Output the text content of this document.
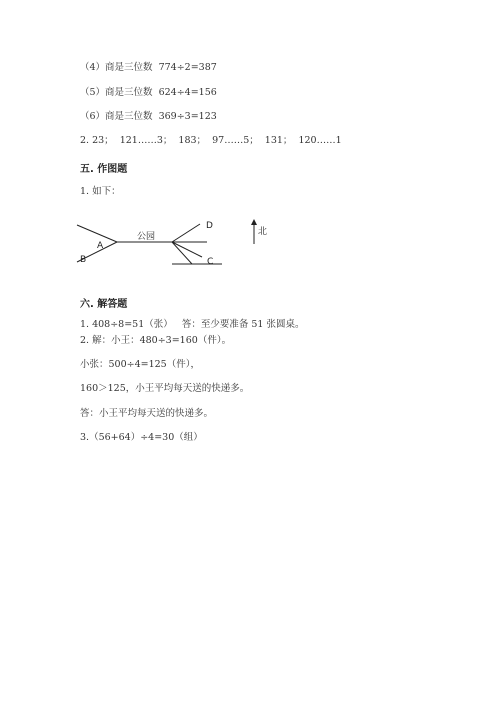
（4）商是三位数  774÷2=387
（5）商是三位数  624÷4=156
（6）商是三位数  369÷3=123
2. 23；  121……3；  183；  97……5；  131；  120……1
五. 作图题
1. 如下：
A
B
公园
D
C
北
六. 解答题
1. 408÷8=51（张）   答：至少要准备 51 张圆桌。
2. 解：小王：480÷3=160（件）。
小张：500÷4=125（件），
160＞125，小王平均每天送的快递多。
答：小王平均每天送的快递多。
3.（56+64）÷4=30（组）
